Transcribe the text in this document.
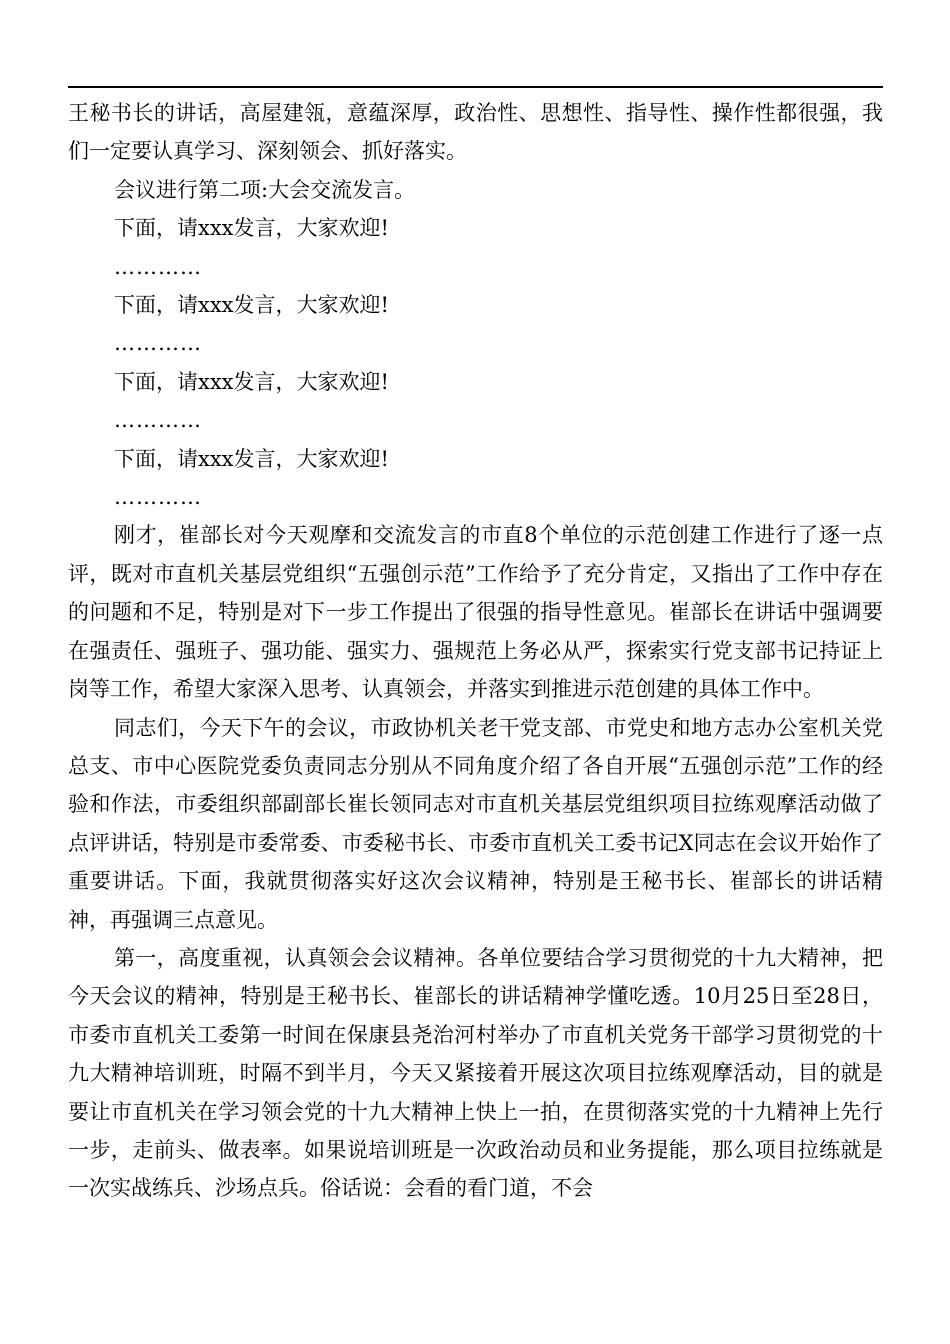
王秘书长的讲话，高屋建瓴，意蕴深厚，政治性、思想性、指导性、操作性都很强，我们一定要认真学习、深刻领会、抓好落实。

会议进行第二项:大会交流发言。

下面，请xxx发言，大家欢迎!

…………

下面，请xxx发言，大家欢迎!

…………

下面，请xxx发言，大家欢迎!

…………

下面，请xxx发言，大家欢迎!

…………

刚才，崔部长对今天观摩和交流发言的市直8个单位的示范创建工作进行了逐一点评，既对市直机关基层党组织“五强创示范”工作给予了充分肯定，又指出了工作中存在的问题和不足，特别是对下一步工作提出了很强的指导性意见。崔部长在讲话中强调要在强责任、强班子、强功能、强实力、强规范上务必从严，探索实行党支部书记持证上岗等工作，希望大家深入思考、认真领会，并落实到推进示范创建的具体工作中。

同志们，今天下午的会议，市政协机关老干党支部、市党史和地方志办公室机关党总支、市中心医院党委负责同志分别从不同角度介绍了各自开展“五强创示范”工作的经验和作法，市委组织部副部长崔长领同志对市直机关基层党组织项目拉练观摩活动做了点评讲话，特别是市委常委、市委秘书长、市委市直机关工委书记X同志在会议开始作了重要讲话。下面，我就贯彻落实好这次会议精神，特别是王秘书长、崔部长的讲话精神，再强调三点意见。

第一，高度重视，认真领会会议精神。各单位要结合学习贯彻党的十九大精神，把今天会议的精神，特别是王秘书长、崔部长的讲话精神学懂吃透。10月25日至28日，市委市直机关工委第一时间在保康县尧治河村举办了市直机关党务干部学习贯彻党的十九大精神培训班，时隔不到半月，今天又紧接着开展这次项目拉练观摩活动，目的就是要让市直机关在学习领会党的十九大精神上快上一拍，在贯彻落实党的十九精神上先行一步，走前头、做表率。如果说培训班是一次政治动员和业务提能，那么项目拉练就是一次实战练兵、沙场点兵。俗话说：会看的看门道，不会
